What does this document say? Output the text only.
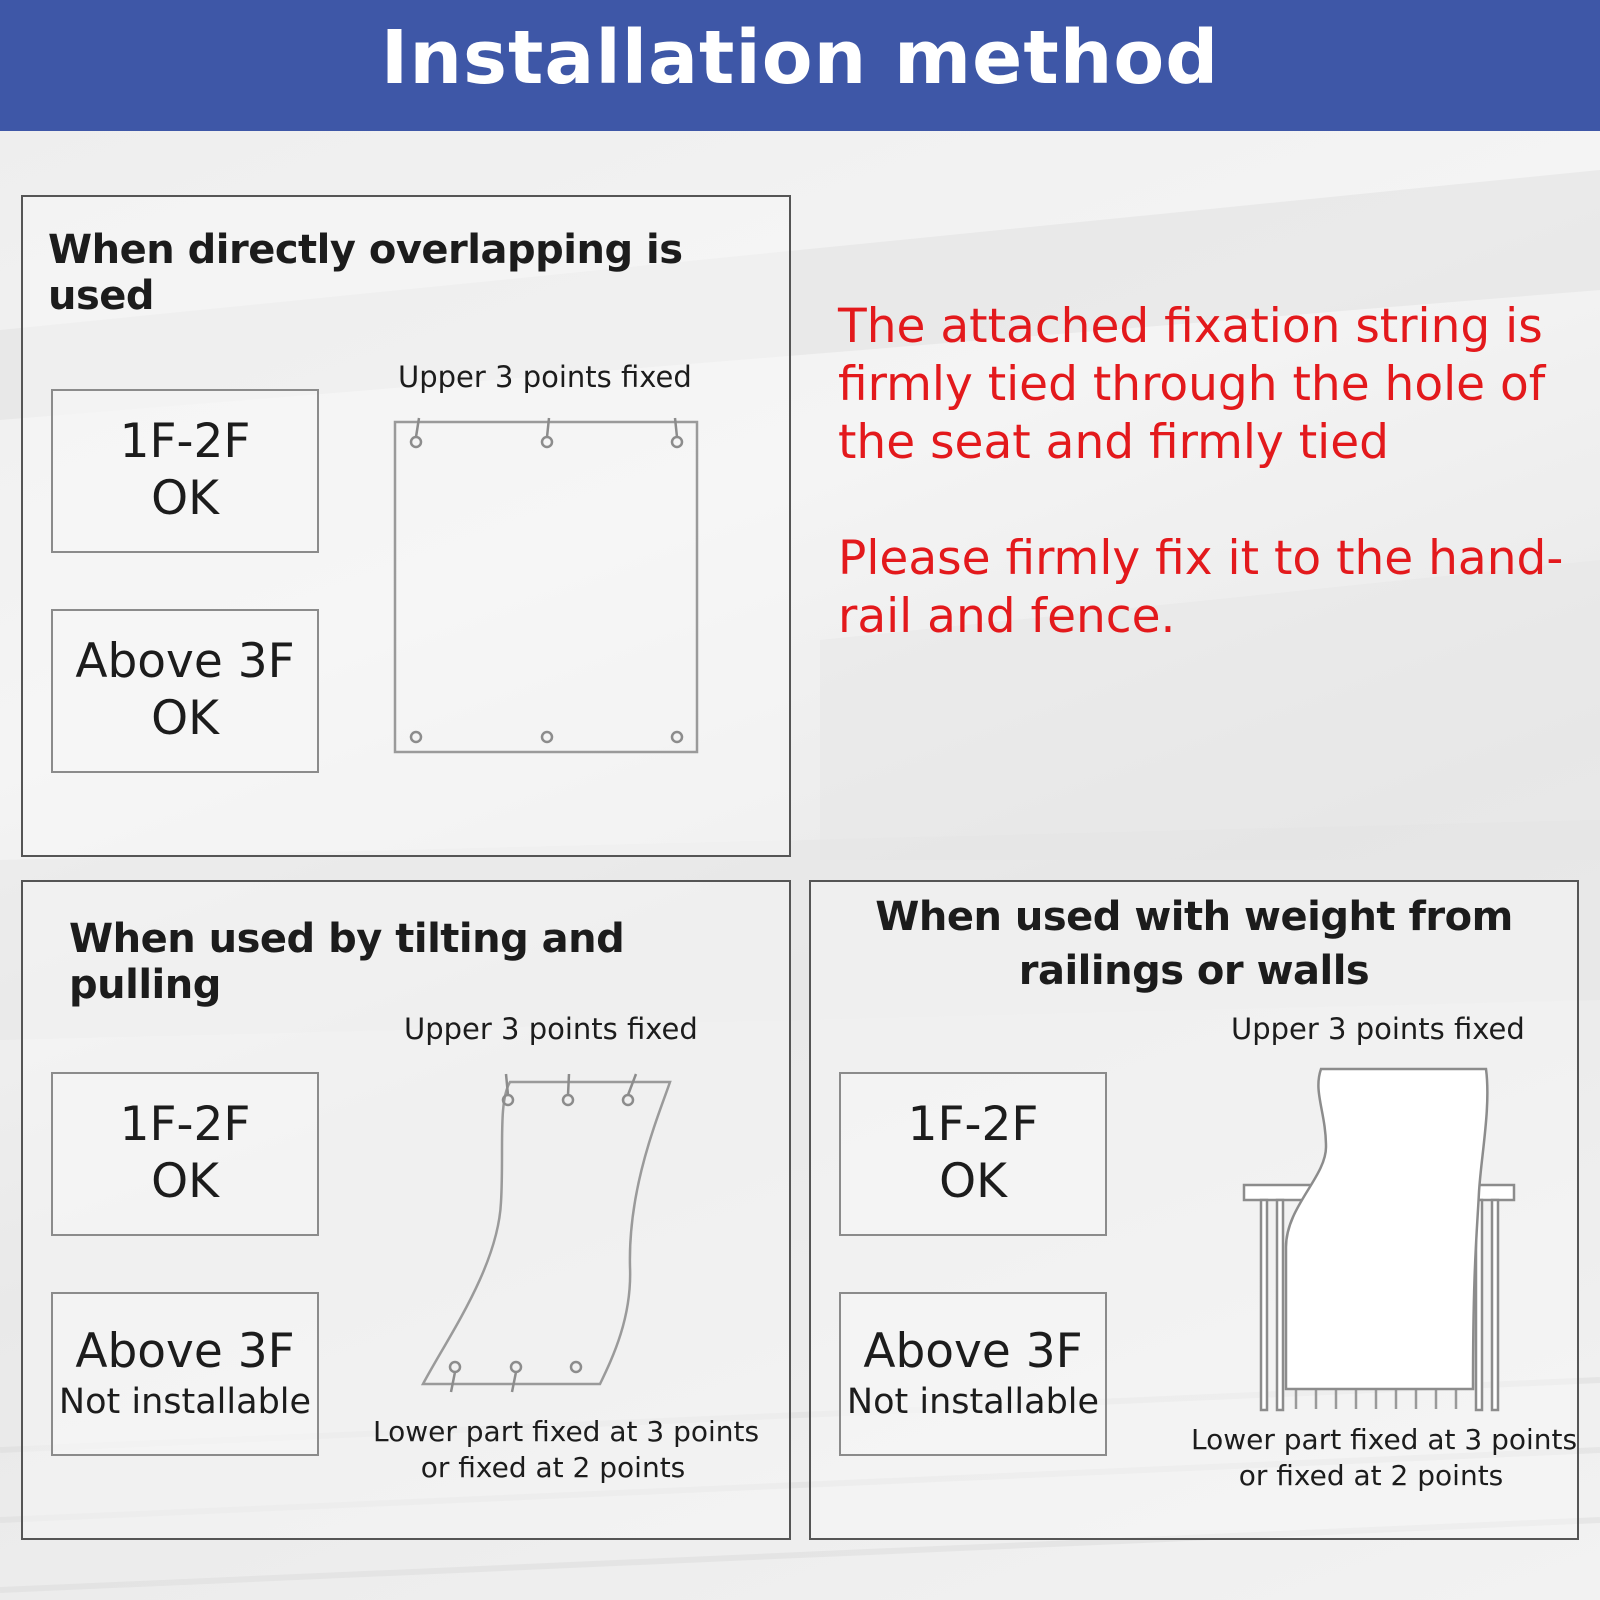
Installation method
When directly overlapping is used
1F-2F
OK
Above 3F
OK
Upper 3 points fixed
The attached fixation string is firmly tied through the hole of the seat and firmly tied
Please firmly fix it to the hand-rail and fence.
When used by tilting and pulling
1F-2F
OK
Above 3F
Not installable
Upper 3 points fixed
Lower part fixed at 3 points
or fixed at 2 points
When used with weight from
railings or walls
Upper 3 points fixed
1F-2F
OK
Above 3F
Not installable
Lower part fixed at 3 points
or fixed at 2 points
